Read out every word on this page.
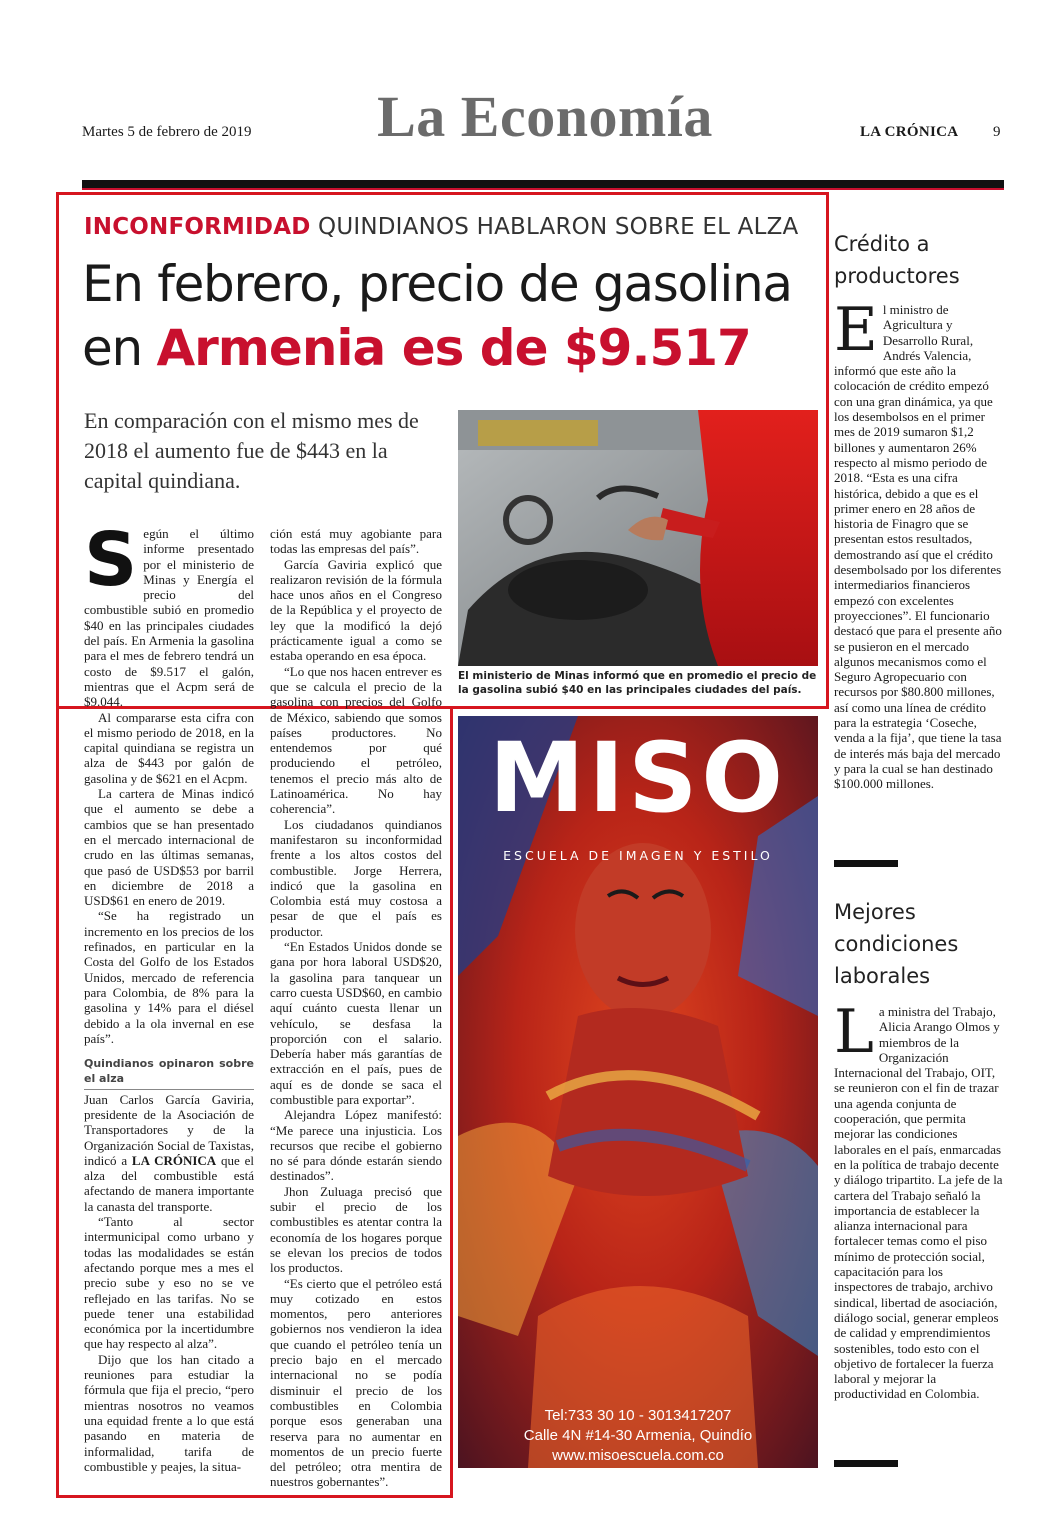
Martes 5 de febrero de 2019	La Economía	LA CRÓNICA 9
INCONFORMIDAD QUINDIANOS HABLARON SOBRE EL ALZA
En febrero, precio de gasolina
en Armenia es de $9.517
En comparación con el mismo mes de 2018 el aumento fue de $443 en la capital quindiana.

Según el último informe presentado por el ministerio de Minas y Energía el precio del combustible subió en promedio $40 en las principales ciudades del país. En Armenia la gasolina para el mes de febrero tendrá un costo de $9.517 el galón, mientras que el Acpm será de $9.044.

Al compararse esta cifra con el mismo periodo de 2018, en la capital quindiana se registra un alza de $443 por galón de gasolina y de $621 en el Acpm.

La cartera de Minas indicó que el aumento se debe a cambios que se han presentado en el mercado internacional de crudo en las últimas semanas, que pasó de USD$53 por barril en diciembre de 2018 a USD$61 en enero de 2019.

“Se ha registrado un incremento en los precios de los refinados, en particular en la Costa del Golfo de los Estados Unidos, mercado de referencia para Colombia, de 8% para la gasolina y 14% para el diésel debido a la ola invernal en ese país”.

Quindianos opinaron sobre el alza

Juan Carlos García Gaviria, presidente de la Asociación de Transportadores y de la Organización Social de Taxistas, indicó a LA CRÓNICA que el alza del combustible está afectando de manera importante la canasta del transporte.

“Tanto al sector intermunicipal como urbano y todas las modalidades se están afectando porque mes a mes el precio sube y eso no se ve reflejado en las tarifas. No se puede tener una estabilidad económica por la incertidumbre que hay respecto al alza”.

Dijo que los han citado a reuniones para estudiar la fórmula que fija el precio, “pero mientras nosotros no veamos una equidad frente a lo que está pasando en materia de informalidad, tarifa de combustible y peajes, la situa-

ción está muy agobiante para todas las empresas del país”.

García Gaviria explicó que realizaron revisión de la fórmula hace unos años en el Congreso de la República y el proyecto de ley que la modificó la dejó prácticamente igual a como se estaba operando en esa época.

“Lo que nos hacen entrever es que se calcula el precio de la gasolina con precios del Golfo de México, sabiendo que somos países productores. No entendemos por qué produciendo el petróleo, tenemos el precio más alto de Latinoamérica. No hay coherencia”.

Los ciudadanos quindianos manifestaron su inconformidad frente a los altos costos del combustible. Jorge Herrera, indicó que la gasolina en Colombia está muy costosa a pesar de que el país es productor.

“En Estados Unidos donde se gana por hora laboral USD$20, la gasolina para tanquear un carro cuesta USD$60, en cambio aquí cuánto cuesta llenar un vehículo, se desfasa la proporción con el salario. Debería haber más garantías de extracción en el país, pues de aquí es de donde se saca el combustible para exportar”.

Alejandra López manifestó: “Me parece una injusticia. Los recursos que recibe el gobierno no sé para dónde estarán siendo destinados”.

Jhon Zuluaga precisó que subir el precio de los combustibles es atentar contra la economía de los hogares porque se elevan los precios de todos los productos.

“Es cierto que el petróleo está muy cotizado en estos momentos, pero anteriores gobiernos nos vendieron la idea que cuando el petróleo tenía un precio bajo en el mercado internacional no se podía disminuir el precio de los combustibles en Colombia porque esos generaban una reserva para no aumentar en momentos de un precio fuerte del petróleo; otra mentira de nuestros gobernantes”.

El ministerio de Minas informó que en promedio el precio de la gasolina subió $40 en las principales ciudades del país.
MISO
ESCUELA DE IMAGEN Y ESTILO
Tel:733 30 10 - 3013417207
Calle 4N #14-30 Armenia, Quindío
www.misoescuela.com.co
Crédito a productores
El ministro de Agricultura y Desarrollo Rural, Andrés Valencia, informó que este año la colocación de crédito empezó con una gran dinámica, ya que los desembolsos en el primer mes de 2019 sumaron $1,2 billones y aumentaron 26% respecto al mismo periodo de 2018. “Esta es una cifra histórica, debido a que es el primer enero en 28 años de historia de Finagro que se presentan estos resultados, demostrando así que el crédito desembolsado por los diferentes intermediarios financieros empezó con excelentes proyecciones”. El funcionario destacó que para el presente año se pusieron en el mercado algunos mecanismos como el Seguro Agropecuario con recursos por $80.800 millones, así como una línea de crédito para la estrategia ‘Coseche, venda a la fija’, que tiene la tasa de interés más baja del mercado y para la cual se han destinado $100.000 millones.
Mejores condiciones laborales
La ministra del Trabajo, Alicia Arango Olmos y miembros de la Organización Internacional del Trabajo, OIT, se reunieron con el fin de trazar una agenda conjunta de cooperación, que permita mejorar las condiciones laborales en el país, enmarcadas en la política de trabajo decente y diálogo tripartito. La jefe de la cartera del Trabajo señaló la importancia de establecer la alianza internacional para fortalecer temas como el piso mínimo de protección social, capacitación para los inspectores de trabajo, archivo sindical, libertad de asociación, diálogo social, generar empleos de calidad y emprendimientos sostenibles, todo esto con el objetivo de fortalecer la fuerza laboral y mejorar la productividad en Colombia.
